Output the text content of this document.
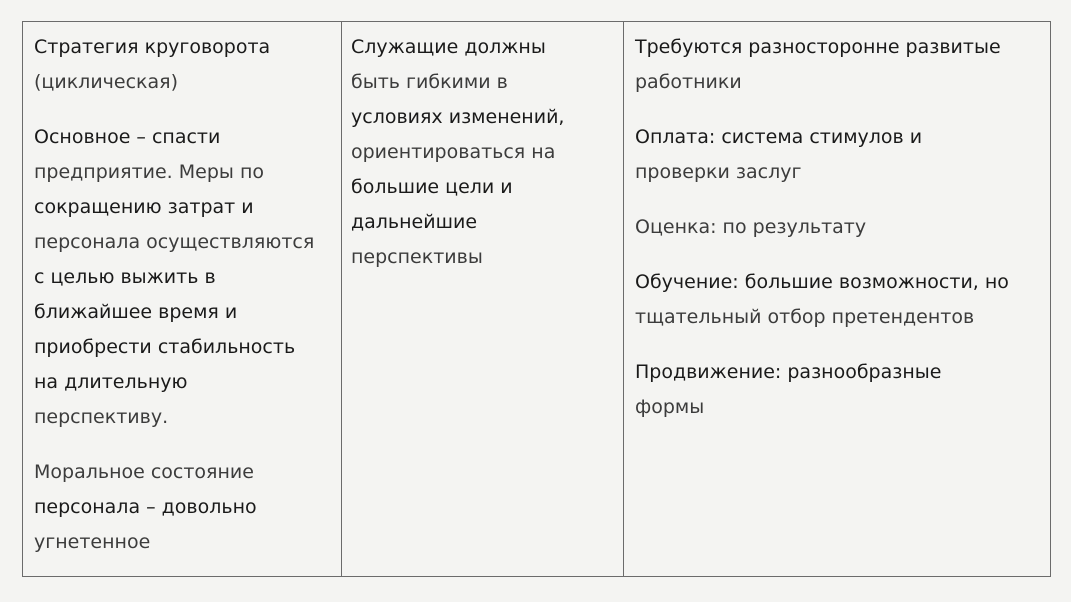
Стратегия круговорота
(циклическая)
Основное – спасти
предприятие. Меры по
сокращению затрат и
персонала осуществляются
с целью выжить в
ближайшее время и
приобрести стабильность
на длительную
перспективу.
Моральное состояние
персонала – довольно
угнетенное
Служащие должны
быть гибкими в
условиях изменений,
ориентироваться на
большие цели и
дальнейшие
перспективы
Требуются разносторонне развитые
работники
Оплата: система стимулов и
проверки заслуг
Оценка: по результату
Обучение: большие возможности, но
тщательный отбор претендентов
Продвижение: разнообразные
формы
